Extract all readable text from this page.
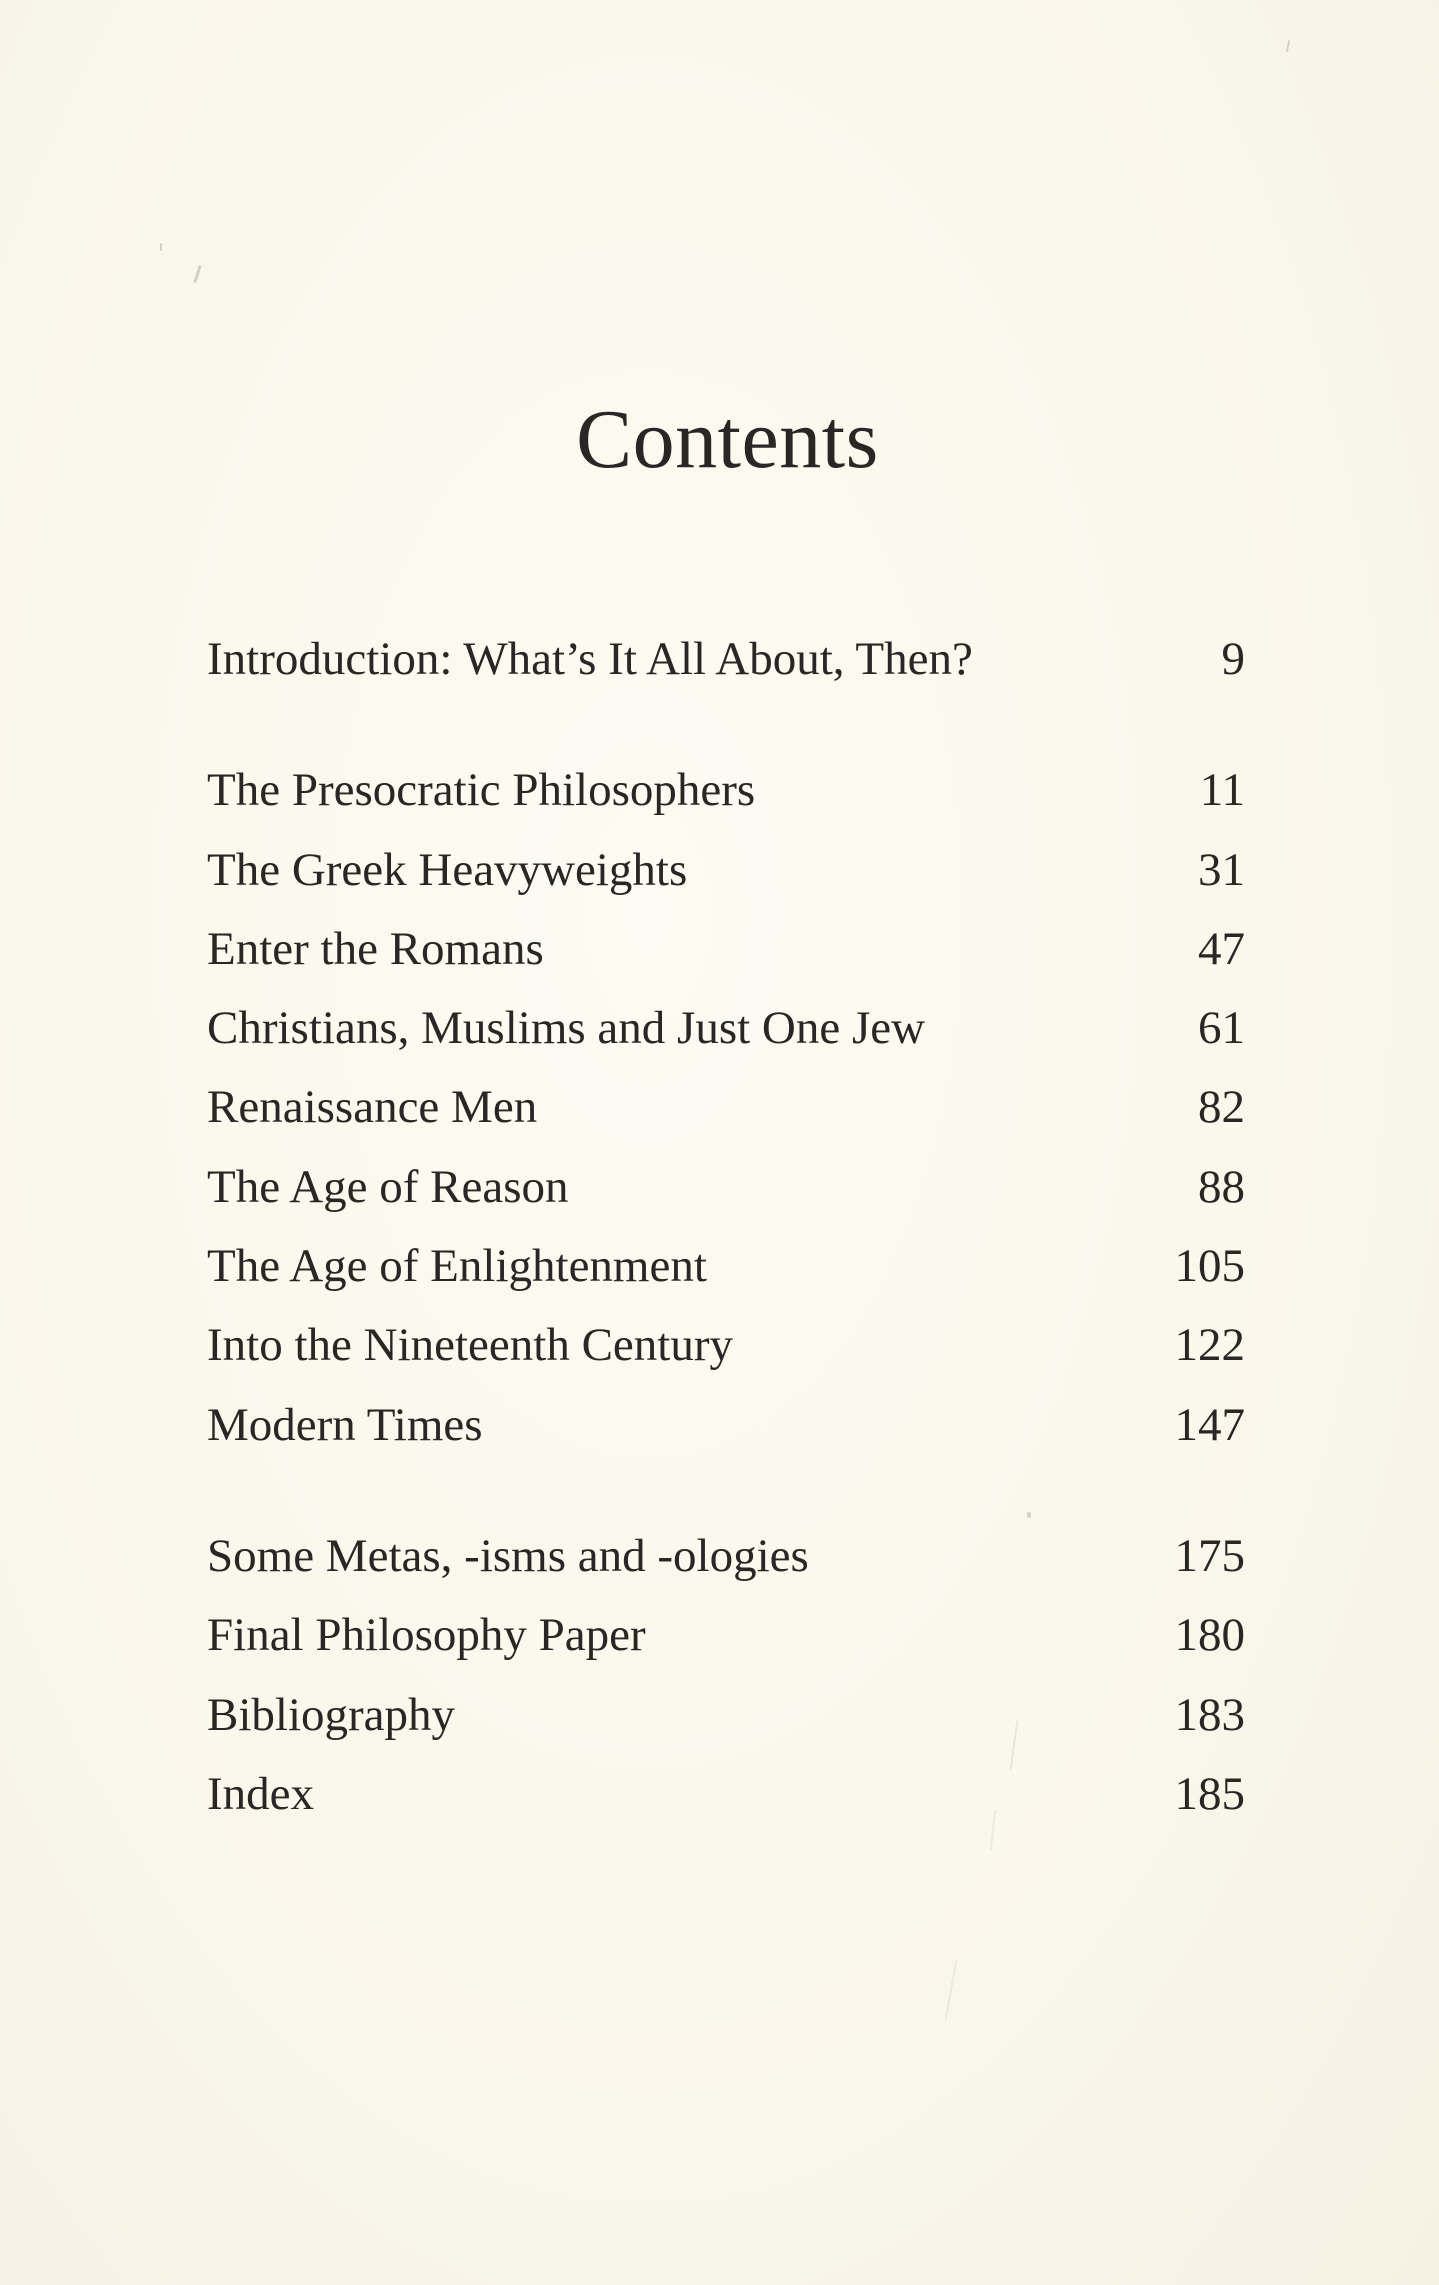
Contents
Introduction: What’s It All About, Then?	9
The Presocratic Philosophers	11
The Greek Heavyweights	31
Enter the Romans	47
Christians, Muslims and Just One Jew	61
Renaissance Men	82
The Age of Reason	88
The Age of Enlightenment	105
Into the Nineteenth Century	122
Modern Times	147
Some Metas, -isms and -ologies	175
Final Philosophy Paper	180
Bibliography	183
Index	185
